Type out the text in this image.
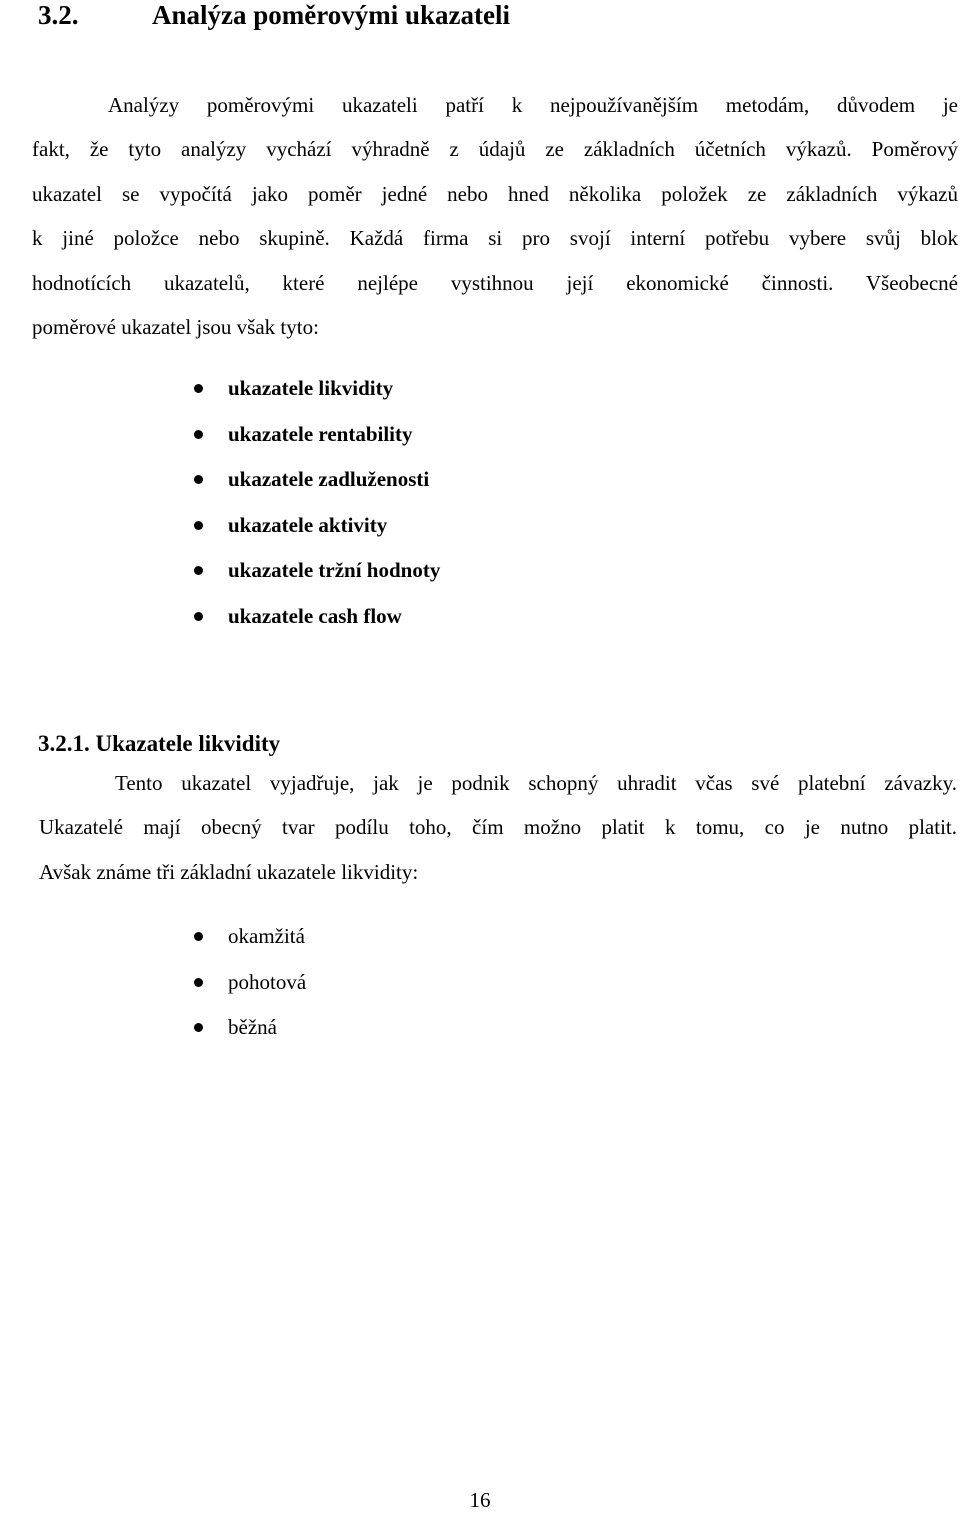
3.2.	Analýza poměrovými ukazateli
Analýzy poměrovými ukazateli patří k nejpoužívanějším metodám, důvodem je
fakt, že tyto analýzy vychází výhradně z údajů ze základních účetních výkazů. Poměrový
ukazatel se vypočítá jako poměr jedné nebo hned několika položek ze základních výkazů
k jiné položce nebo skupině. Každá firma si pro svojí interní potřebu vybere svůj blok
hodnotících ukazatelů, které nejlépe vystihnou její ekonomické činnosti. Všeobecné
poměrové ukazatel jsou však tyto:
ukazatele likvidity
ukazatele rentability
ukazatele zadluženosti
ukazatele aktivity
ukazatele tržní hodnoty
ukazatele cash flow
3.2.1. Ukazatele likvidity
Tento ukazatel vyjadřuje, jak je podnik schopný uhradit včas své platební závazky.
Ukazatelé mají obecný tvar podílu toho, čím možno platit k tomu, co je nutno platit.
Avšak známe tři základní ukazatele likvidity:
okamžitá
pohotová
běžná
16
